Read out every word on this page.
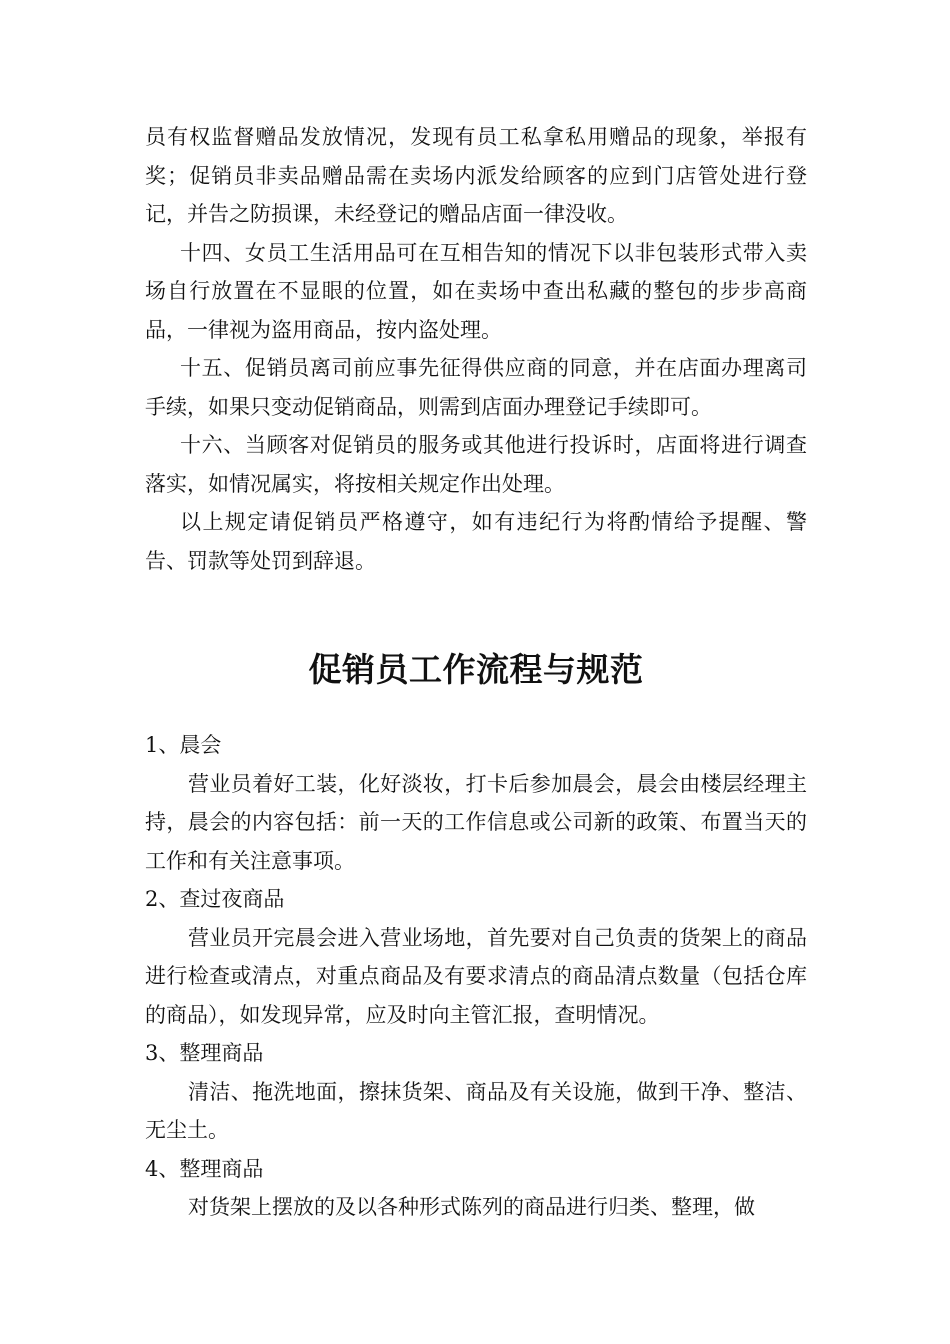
员有权监督赠品发放情况，发现有员工私拿私用赠品的现象，举报有奖；促销员非卖品赠品需在卖场内派发给顾客的应到门店管处进行登记，并告之防损课，未经登记的赠品店面一律没收。

十四、女员工生活用品可在互相告知的情况下以非包装形式带入卖场自行放置在不显眼的位置，如在卖场中查出私藏的整包的步步高商品，一律视为盗用商品，按内盗处理。

十五、促销员离司前应事先征得供应商的同意，并在店面办理离司手续，如果只变动促销商品，则需到店面办理登记手续即可。

十六、当顾客对促销员的服务或其他进行投诉时，店面将进行调查落实，如情况属实，将按相关规定作出处理。

以上规定请促销员严格遵守，如有违纪行为将酌情给予提醒、警告、罚款等处罚到辞退。

促销员工作流程与规范

1、晨会

营业员着好工装，化好淡妆，打卡后参加晨会，晨会由楼层经理主持，晨会的内容包括：前一天的工作信息或公司新的政策、布置当天的工作和有关注意事项。

2、查过夜商品

营业员开完晨会进入营业场地，首先要对自己负责的货架上的商品进行检查或清点，对重点商品及有要求清点的商品清点数量（包括仓库的商品），如发现异常，应及时向主管汇报，查明情况。

3、整理商品

清洁、拖洗地面，擦抹货架、商品及有关设施，做到干净、整洁、无尘土。

4、整理商品

对货架上摆放的及以各种形式陈列的商品进行归类、整理，做
